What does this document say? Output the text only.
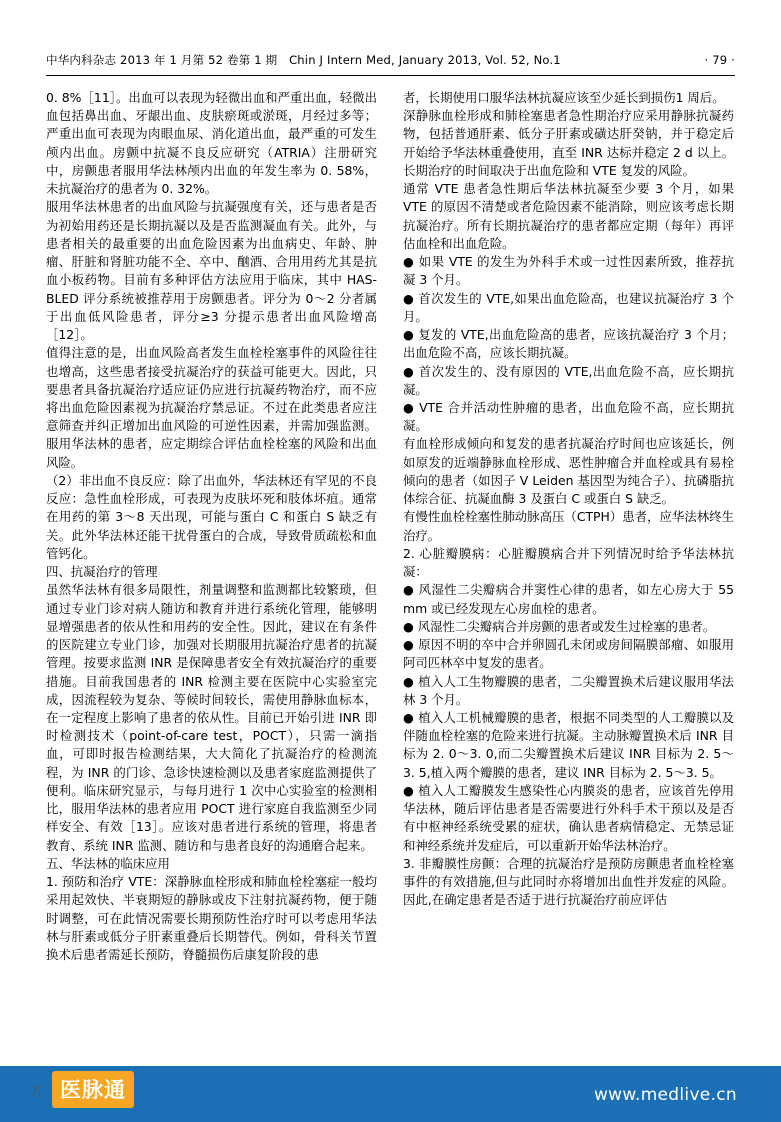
中华内科杂志 2013 年 1 月第 52 卷第 1 期　Chin J Intern Med, January 2013, Vol. 52, No.1	· 79 ·

0. 8%［11］。出血可以表现为轻微出血和严重出血，轻微出血包括鼻出血、牙龈出血、皮肤瘀斑或淤斑，月经过多等；严重出血可表现为肉眼血尿、消化道出血，最严重的可发生颅内出血。房颤中抗凝不良反应研究（ATRIA）注册研究中，房颤患者服用华法林颅内出血的年发生率为 0. 58%，未抗凝治疗的患者为 0. 32%。

服用华法林患者的出血风险与抗凝强度有关，还与患者是否为初始用药还是长期抗凝以及是否监测凝血有关。此外，与患者相关的最重要的出血危险因素为出血病史、年龄、肿瘤、肝脏和肾脏功能不全、卒中、酗酒、合用用药尤其是抗血小板药物。目前有多种评估方法应用于临床，其中 HAS-BLED 评分系统被推荐用于房颤患者。评分为 0～2 分者属于出血低风险患者，评分≥3 分提示患者出血风险增高［12］。

值得注意的是，出血风险高者发生血栓栓塞事件的风险往往也增高，这些患者接受抗凝治疗的获益可能更大。因此，只要患者具备抗凝治疗适应证仍应进行抗凝药物治疗，而不应将出血危险因素视为抗凝治疗禁忌证。不过在此类患者应注意筛查并纠正增加出血风险的可逆性因素，并需加强监测。服用华法林的患者，应定期综合评估血栓栓塞的风险和出血风险。

（2）非出血不良反应：除了出血外，华法林还有罕见的不良反应：急性血栓形成，可表现为皮肤坏死和肢体坏疽。通常在用药的第 3～8 天出现，可能与蛋白 C 和蛋白 S 缺乏有关。此外华法林还能干扰骨蛋白的合成，导致骨质疏松和血管钙化。

四、抗凝治疗的管理

虽然华法林有很多局限性，剂量调整和监测都比较繁琐，但通过专业门诊对病人随访和教育并进行系统化管理，能够明显增强患者的依从性和用药的安全性。因此，建议在有条件的医院建立专业门诊，加强对长期服用抗凝治疗患者的抗凝管理。按要求监测 INR 是保障患者安全有效抗凝治疗的重要措施。目前我国患者的 INR 检测主要在医院中心实验室完成，因流程较为复杂、等候时间较长，需使用静脉血标本，在一定程度上影响了患者的依从性。目前已开始引进 INR 即时检测技术（point-of-care test，POCT），只需一滴指血，可即时报告检测结果，大大简化了抗凝治疗的检测流程，为 INR 的门诊、急诊快速检测以及患者家庭监测提供了便利。临床研究显示，与每月进行 1 次中心实验室的检测相比，服用华法林的患者应用 POCT 进行家庭自我监测至少同样安全、有效［13］。应该对患者进行系统的管理，将患者教育、系统 INR 监测、随访和与患者良好的沟通磨合起来。

五、华法林的临床应用

1. 预防和治疗 VTE：深静脉血栓形成和肺血栓栓塞症一般均采用起效快、半衰期短的静脉或皮下注射抗凝药物，便于随时调整，可在此情况需要长期预防性治疗时可以考虑用华法林与肝素或低分子肝素重叠后长期替代。例如，骨科关节置换术后患者需延长预防，脊髓损伤后康复阶段的患

者，长期使用口服华法林抗凝应该至少延长到损伤1 周后。

深静脉血栓形成和肺栓塞患者急性期治疗应采用静脉抗凝药物，包括普通肝素、低分子肝素或磺达肝癸钠，并于稳定后开始给予华法林重叠使用，直至 INR 达标并稳定 2 d 以上。长期治疗的时间取决于出血危险和 VTE 复发的风险。

通常 VTE 患者急性期后华法林抗凝至少要 3 个月，如果 VTE 的原因不清楚或者危险因素不能消除，则应该考虑长期抗凝治疗。所有长期抗凝治疗的患者都应定期（每年）再评估血栓和出血危险。

● 如果 VTE 的发生为外科手术或一过性因素所致，推荐抗凝 3 个月。

● 首次发生的 VTE,如果出血危险高，也建议抗凝治疗 3 个月。

● 复发的 VTE,出血危险高的患者，应该抗凝治疗 3 个月；出血危险不高，应该长期抗凝。

● 首次发生的、没有原因的 VTE,出血危险不高，应长期抗凝。

● VTE 合并活动性肿瘤的患者，出血危险不高，应长期抗凝。

有血栓形成倾向和复发的患者抗凝治疗时间也应该延长，例如原发的近端静脉血栓形成、恶性肿瘤合并血栓或具有易栓倾向的患者（如因子 V Leiden 基因型为纯合子）、抗磷脂抗体综合征、抗凝血酶 3 及蛋白 C 或蛋白 S 缺乏。

有慢性血栓栓塞性肺动脉高压（CTPH）患者，应华法林终生治疗。

2. 心脏瓣膜病：心脏瓣膜病合并下列情况时给予华法林抗凝：

● 风湿性二尖瓣病合并窦性心律的患者，如左心房大于 55 mm 或已经发现左心房血栓的患者。

● 风湿性二尖瓣病合并房颤的患者或发生过栓塞的患者。

● 原因不明的卒中合并卵圆孔未闭或房间隔膜部瘤、如服用阿司匹林卒中复发的患者。

● 植入人工生物瓣膜的患者，二尖瓣置换术后建议服用华法林 3 个月。

● 植入人工机械瓣膜的患者，根据不同类型的人工瓣膜以及伴随血栓栓塞的危险来进行抗凝。主动脉瓣置换术后 INR 目标为 2. 0～3. 0,而二尖瓣置换术后建议 INR 目标为 2. 5～3. 5,植入两个瓣膜的患者，建议 INR 目标为 2. 5～3. 5。

● 植入人工瓣膜发生感染性心内膜炎的患者，应该首先停用华法林，随后评估患者是否需要进行外科手术干预以及是否有中枢神经系统受累的症状，确认患者病情稳定、无禁忌证和神经系统并发症后，可以重新开始华法林治疗。

3. 非瓣膜性房颤：合理的抗凝治疗是预防房颤患者血栓栓塞事件的有效措施,但与此同时亦将增加出血性并发症的风险。因此,在确定患者是否适于进行抗凝治疗前应评估

万 医脉通	www.medlive.cn
